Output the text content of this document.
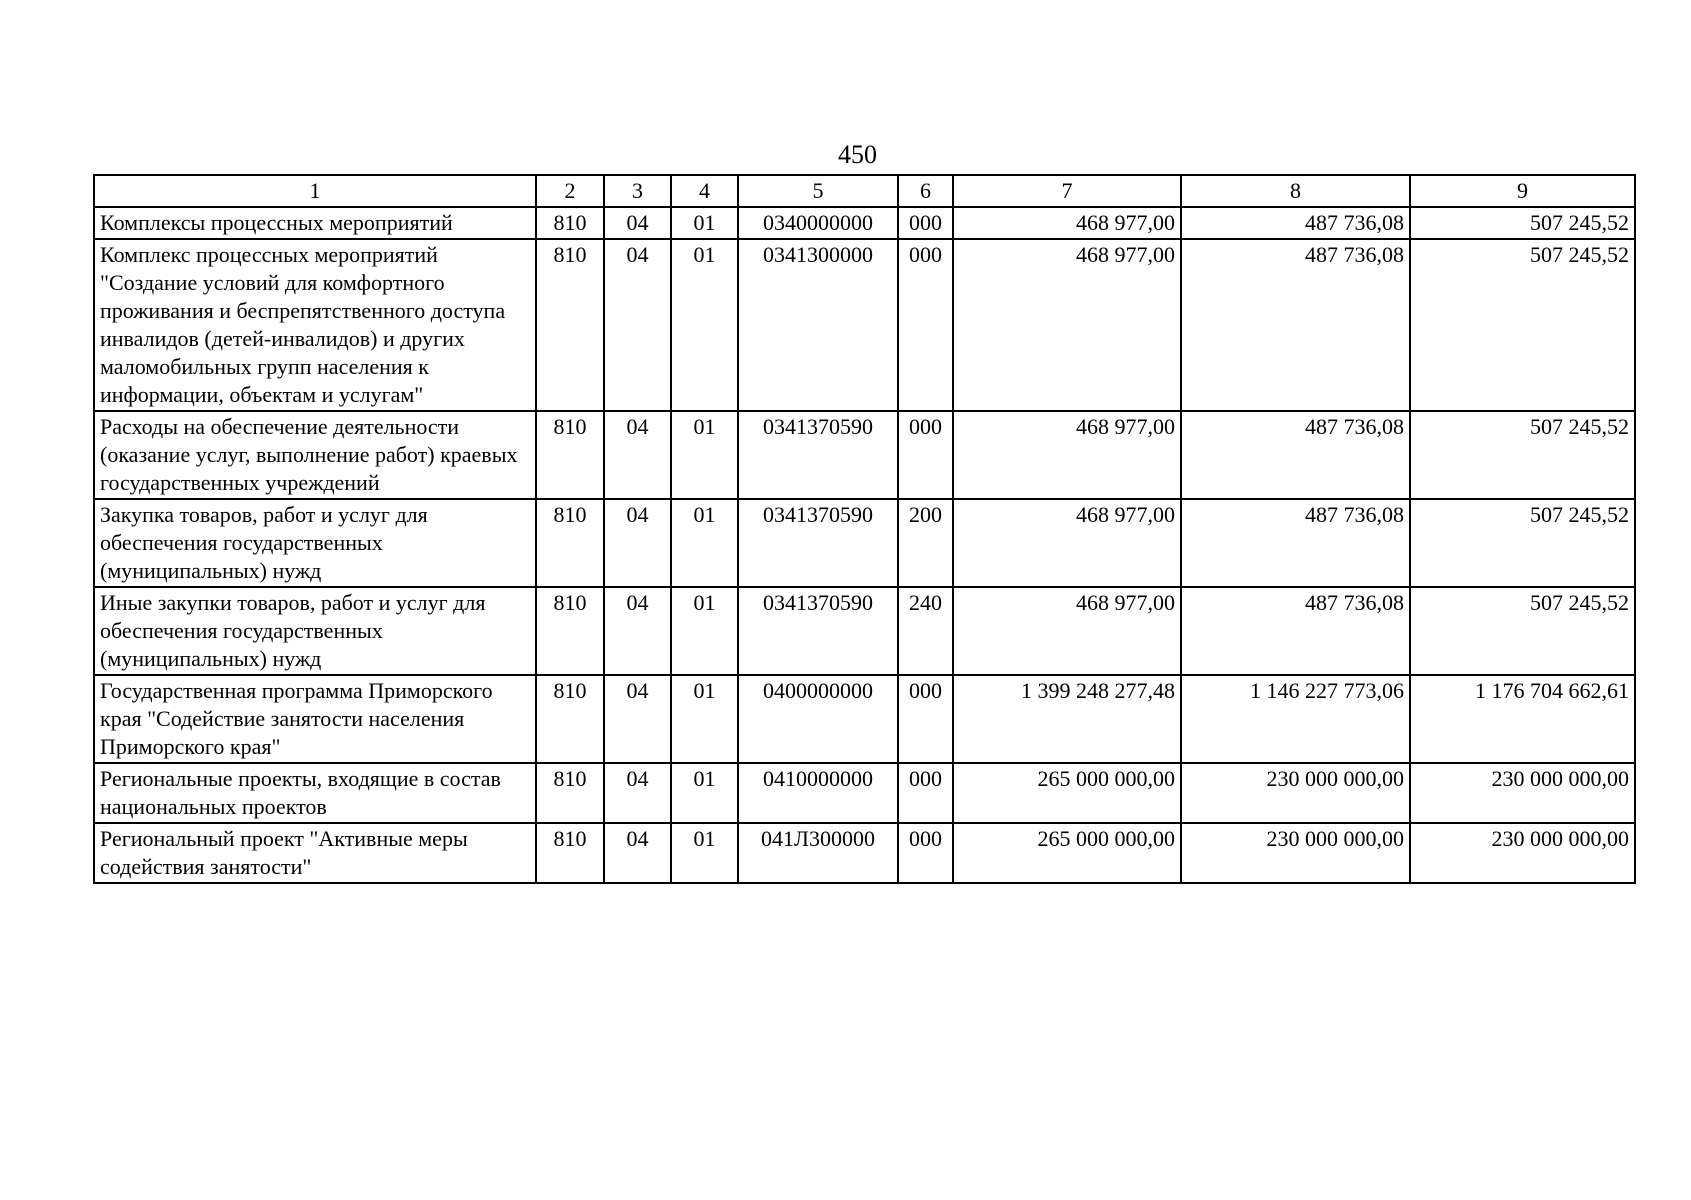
450
1	2	3	4	5	6	7	8	9
Комплексы процессных мероприятий	810	04	01	0340000000	000	468 977,00	487 736,08	507 245,52
Комплекс процессных мероприятий "Создание условий для комфортного проживания и беспрепятственного доступа инвалидов (детей-инвалидов) и других маломобильных групп населения к информации, объектам и услугам"	810	04	01	0341300000	000	468 977,00	487 736,08	507 245,52
Расходы на обеспечение деятельности (оказание услуг, выполнение работ) краевых государственных учреждений	810	04	01	0341370590	000	468 977,00	487 736,08	507 245,52
Закупка товаров, работ и услуг для обеспечения государственных (муниципальных) нужд	810	04	01	0341370590	200	468 977,00	487 736,08	507 245,52
Иные закупки товаров, работ и услуг для обеспечения государственных (муниципальных) нужд	810	04	01	0341370590	240	468 977,00	487 736,08	507 245,52
Государственная программа Приморского края "Содействие занятости населения Приморского края"	810	04	01	0400000000	000	1 399 248 277,48	1 146 227 773,06	1 176 704 662,61
Региональные проекты, входящие в состав национальных проектов	810	04	01	0410000000	000	265 000 000,00	230 000 000,00	230 000 000,00
Региональный проект "Активные меры содействия занятости"	810	04	01	041Л300000	000	265 000 000,00	230 000 000,00	230 000 000,00
